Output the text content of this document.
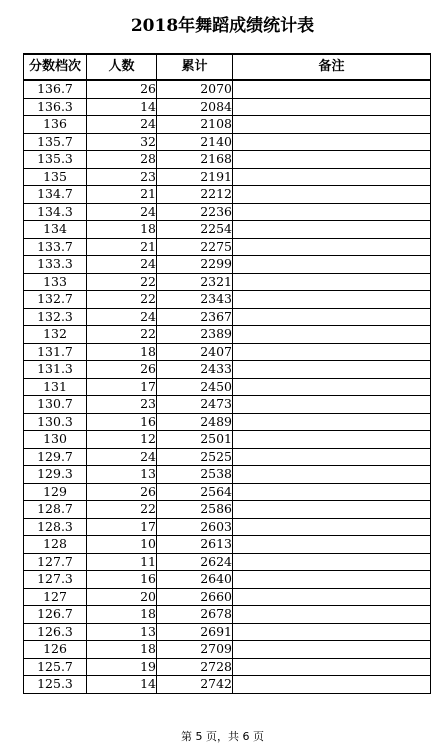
2018年舞蹈成绩统计表
分数档次	人数	累计	备注
136.7	26	2070	
136.3	14	2084	
136	24	2108	
135.7	32	2140	
135.3	28	2168	
135	23	2191	
134.7	21	2212	
134.3	24	2236	
134	18	2254	
133.7	21	2275	
133.3	24	2299	
133	22	2321	
132.7	22	2343	
132.3	24	2367	
132	22	2389	
131.7	18	2407	
131.3	26	2433	
131	17	2450	
130.7	23	2473	
130.3	16	2489	
130	12	2501	
129.7	24	2525	
129.3	13	2538	
129	26	2564	
128.7	22	2586	
128.3	17	2603	
128	10	2613	
127.7	11	2624	
127.3	16	2640	
127	20	2660	
126.7	18	2678	
126.3	13	2691	
126	18	2709	
125.7	19	2728	
125.3	14	2742	
第 5 页，共 6 页
